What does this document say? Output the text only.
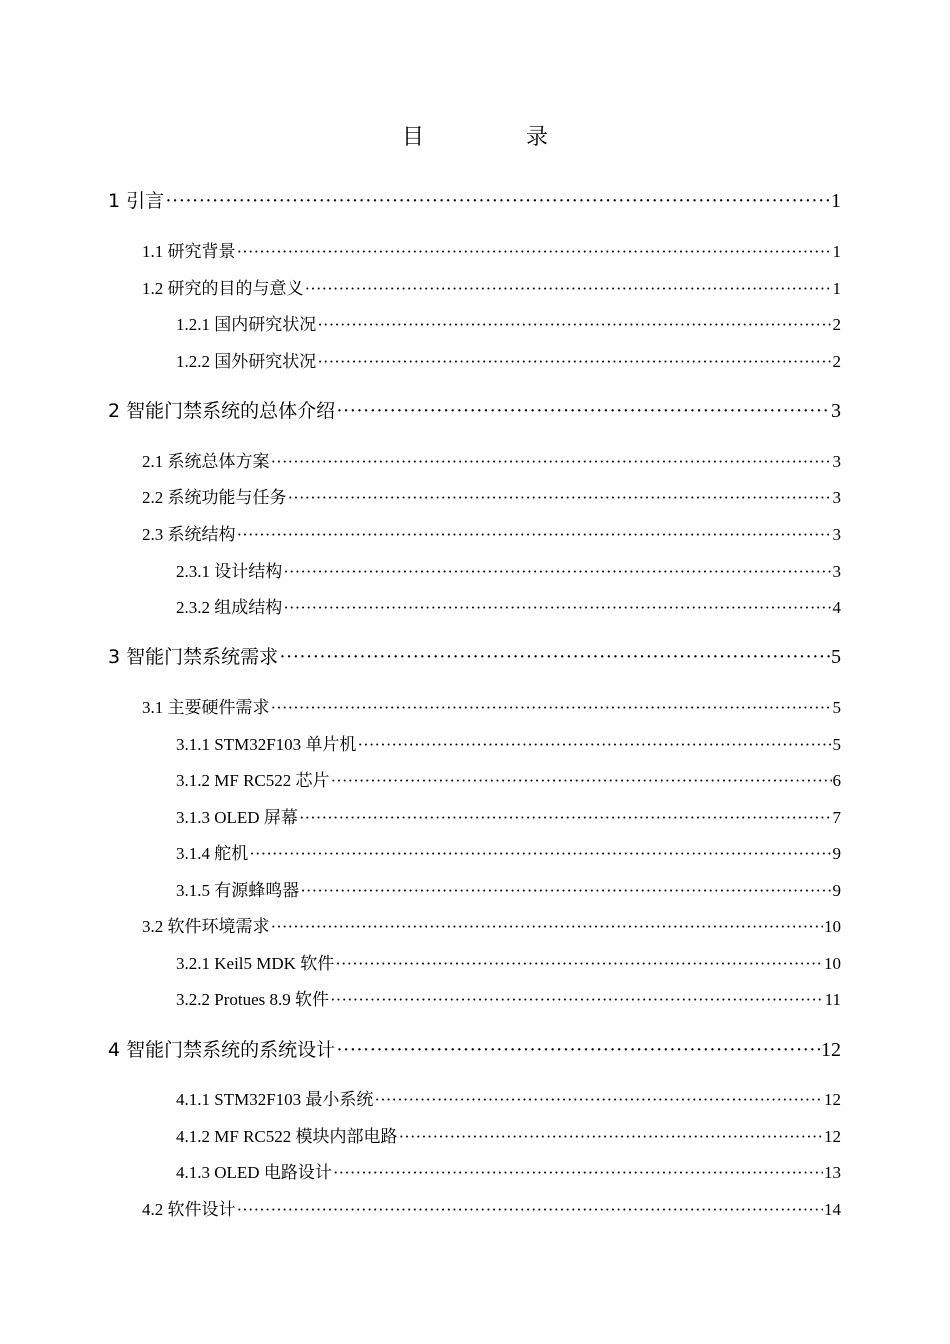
目　录
1 引言 ·····	1
1.1 研究背景 ·····	1
1.2 研究的目的与意义 ·····	1
1.2.1 国内研究状况 ·····	2
1.2.2 国外研究状况 ·····	2
2 智能门禁系统的总体介绍 ·····	3
2.1 系统总体方案 ·····	3
2.2 系统功能与任务 ·····	3
2.3 系统结构 ·····	3
2.3.1 设计结构 ·····	3
2.3.2 组成结构 ·····	4
3 智能门禁系统需求 ·····	5
3.1 主要硬件需求 ·····	5
3.1.1 STM32F103 单片机 ·····	5
3.1.2 MF RC522 芯片 ·····	6
3.1.3 OLED 屏幕 ·····	7
3.1.4 舵机 ·····	9
3.1.5 有源蜂鸣器 ·····	9
3.2 软件环境需求 ·····	10
3.2.1 Keil5 MDK 软件 ·····	10
3.2.2 Protues 8.9 软件 ·····	11
4 智能门禁系统的系统设计 ·····	12
4.1.1 STM32F103 最小系统 ·····	12
4.1.2 MF RC522 模块内部电路 ·····	12
4.1.3 OLED 电路设计 ·····	13
4.2 软件设计 ·····	14
